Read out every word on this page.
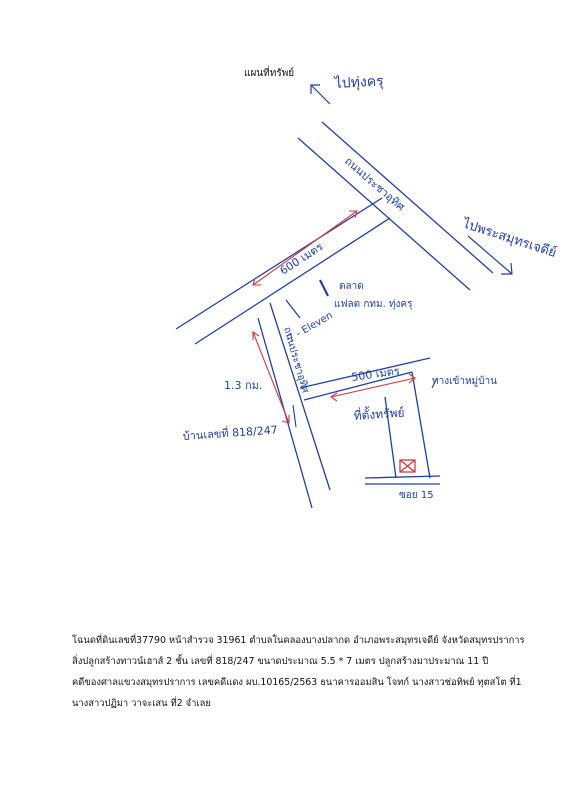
แผนที่ทรัพย์	ไปทุ่งครุ
ไปพระสมุทรเจดีย์
ถนนประชาอุทิศ
600 เมตร
ตลาด
แฟลต กทม. ทุ่งครุ
7 - Eleven
ถนนประชาอุทิศ
1.3 กม.
500 เมตร
บ้านเลขที่ 818/247
ที่ตั้งทรัพย์
ทางเข้าหมู่บ้าน
ซอย 15
โฉนดที่ดินเลขที่37790 หน้าสำรวจ 31961 ตำบลในคลองบางปลากด อำเภอพระสมุทรเจดีย์ จังหวัดสมุทรปราการ
สิ่งปลูกสร้างทาวน์เฮาส์ 2 ชั้น เลขที่ 818/247 ขนาดประมาณ 5.5 * 7 เมตร ปลูกสร้างมาประมาณ 11 ปี
คดีของศาลแขวงสมุทรปราการ เลขคดีแดง ผบ.10165/2563 ธนาคารออมสิน โจทก์ นางสาวช่อทิพย์ ทุตสโต ที่1
นางสาวปฏิมา วาจะเสน ที่2 จำเลย
